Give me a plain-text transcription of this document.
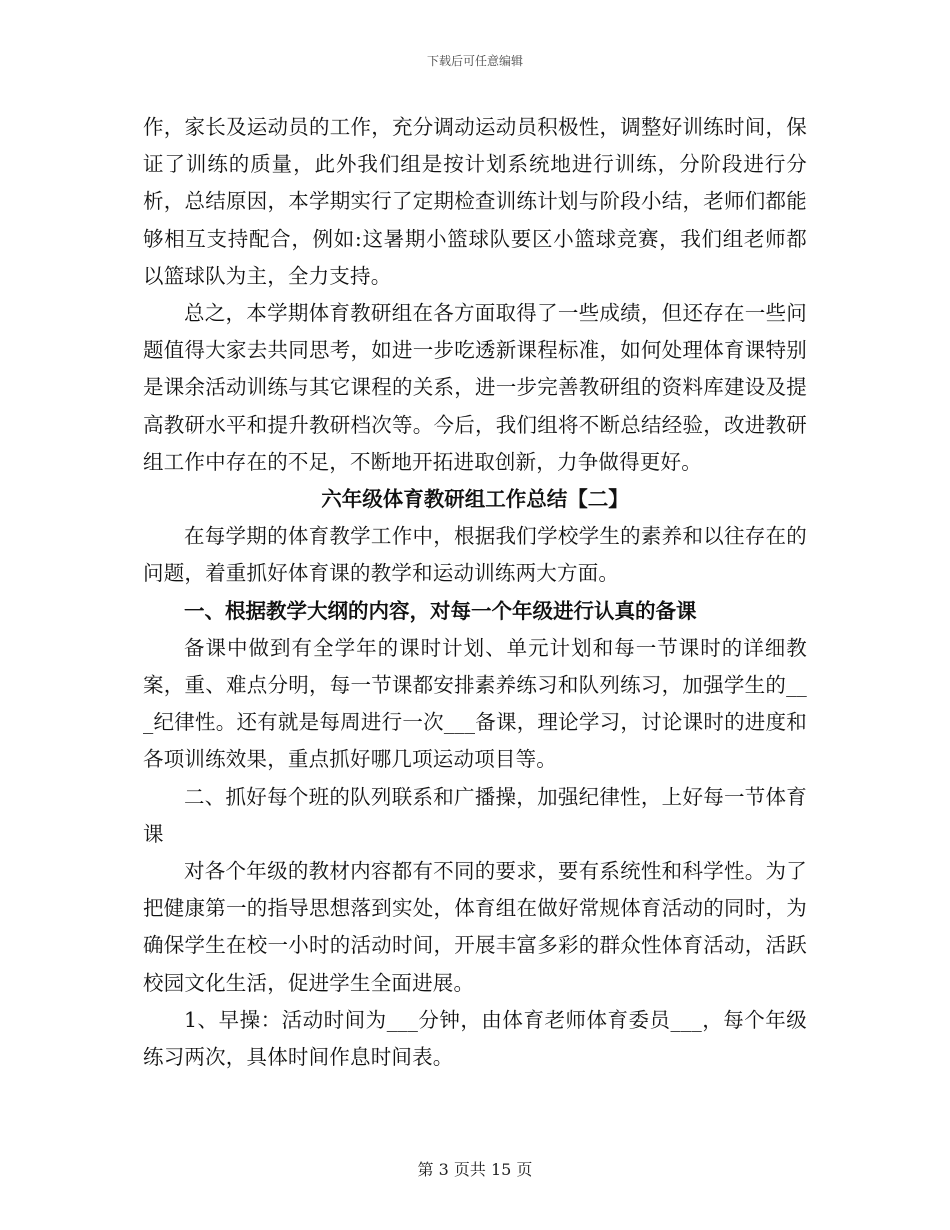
下载后可任意编辑

作，家长及运动员的工作，充分调动运动员积极性，调整好训练时间，保证了训练的质量，此外我们组是按计划系统地进行训练，分阶段进行分析，总结原因，本学期实行了定期检查训练计划与阶段小结，老师们都能够相互支持配合，例如:这暑期小篮球队要区小篮球竞赛，我们组老师都以篮球队为主，全力支持。

总之，本学期体育教研组在各方面取得了一些成绩，但还存在一些问题值得大家去共同思考，如进一步吃透新课程标准，如何处理体育课特别是课余活动训练与其它课程的关系，进一步完善教研组的资料库建设及提高教研水平和提升教研档次等。今后，我们组将不断总结经验，改进教研组工作中存在的不足，不断地开拓进取创新，力争做得更好。

六年级体育教研组工作总结【二】

在每学期的体育教学工作中，根据我们学校学生的素养和以往存在的问题，着重抓好体育课的教学和运动训练两大方面。

一、根据教学大纲的内容，对每一个年级进行认真的备课

备课中做到有全学年的课时计划、单元计划和每一节课时的详细教案，重、难点分明，每一节课都安排素养练习和队列练习，加强学生的___纪律性。还有就是每周进行一次___备课，理论学习，讨论课时的进度和各项训练效果，重点抓好哪几项运动项目等。

二、抓好每个班的队列联系和广播操，加强纪律性，上好每一节体育课

对各个年级的教材内容都有不同的要求，要有系统性和科学性。为了把健康第一的指导思想落到实处，体育组在做好常规体育活动的同时，为确保学生在校一小时的活动时间，开展丰富多彩的群众性体育活动，活跃校园文化生活，促进学生全面进展。

1、早操：活动时间为___分钟，由体育老师体育委员___，每个年级练习两次，具体时间作息时间表。

第 3 页共 15 页
